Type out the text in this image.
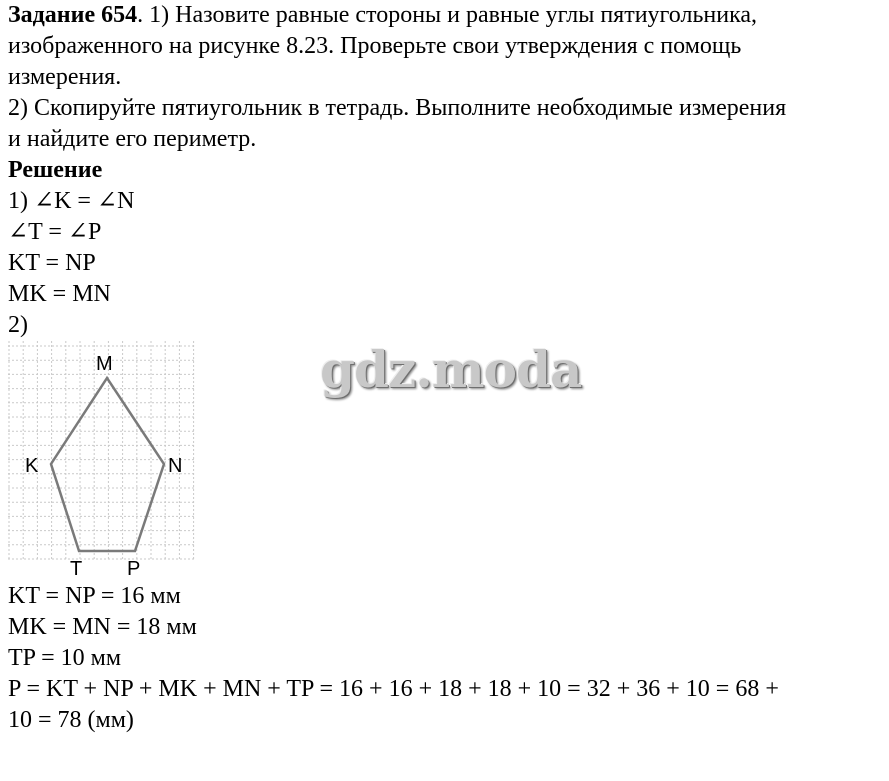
Задание 654. 1) Назовите равные стороны и равные углы пятиугольника,
изображенного на рисунке 8.23. Проверьте свои утверждения с помощь
измерения.
2) Скопируйте пятиугольник в тетрадь. Выполните необходимые измерения
и найдите его периметр.
Решение
1) ∠K = ∠N
∠T = ∠P
KT = NP
MK = MN
2)
M
K	N
T P
KT = NP = 16 мм
MK = MN = 18 мм
TP = 10 мм
P = KT + NP + MK + MN + TP = 16 + 16 + 18 + 18 + 10 = 32 + 36 + 10 = 68 +
10 = 78 (мм)
gdz.moda
